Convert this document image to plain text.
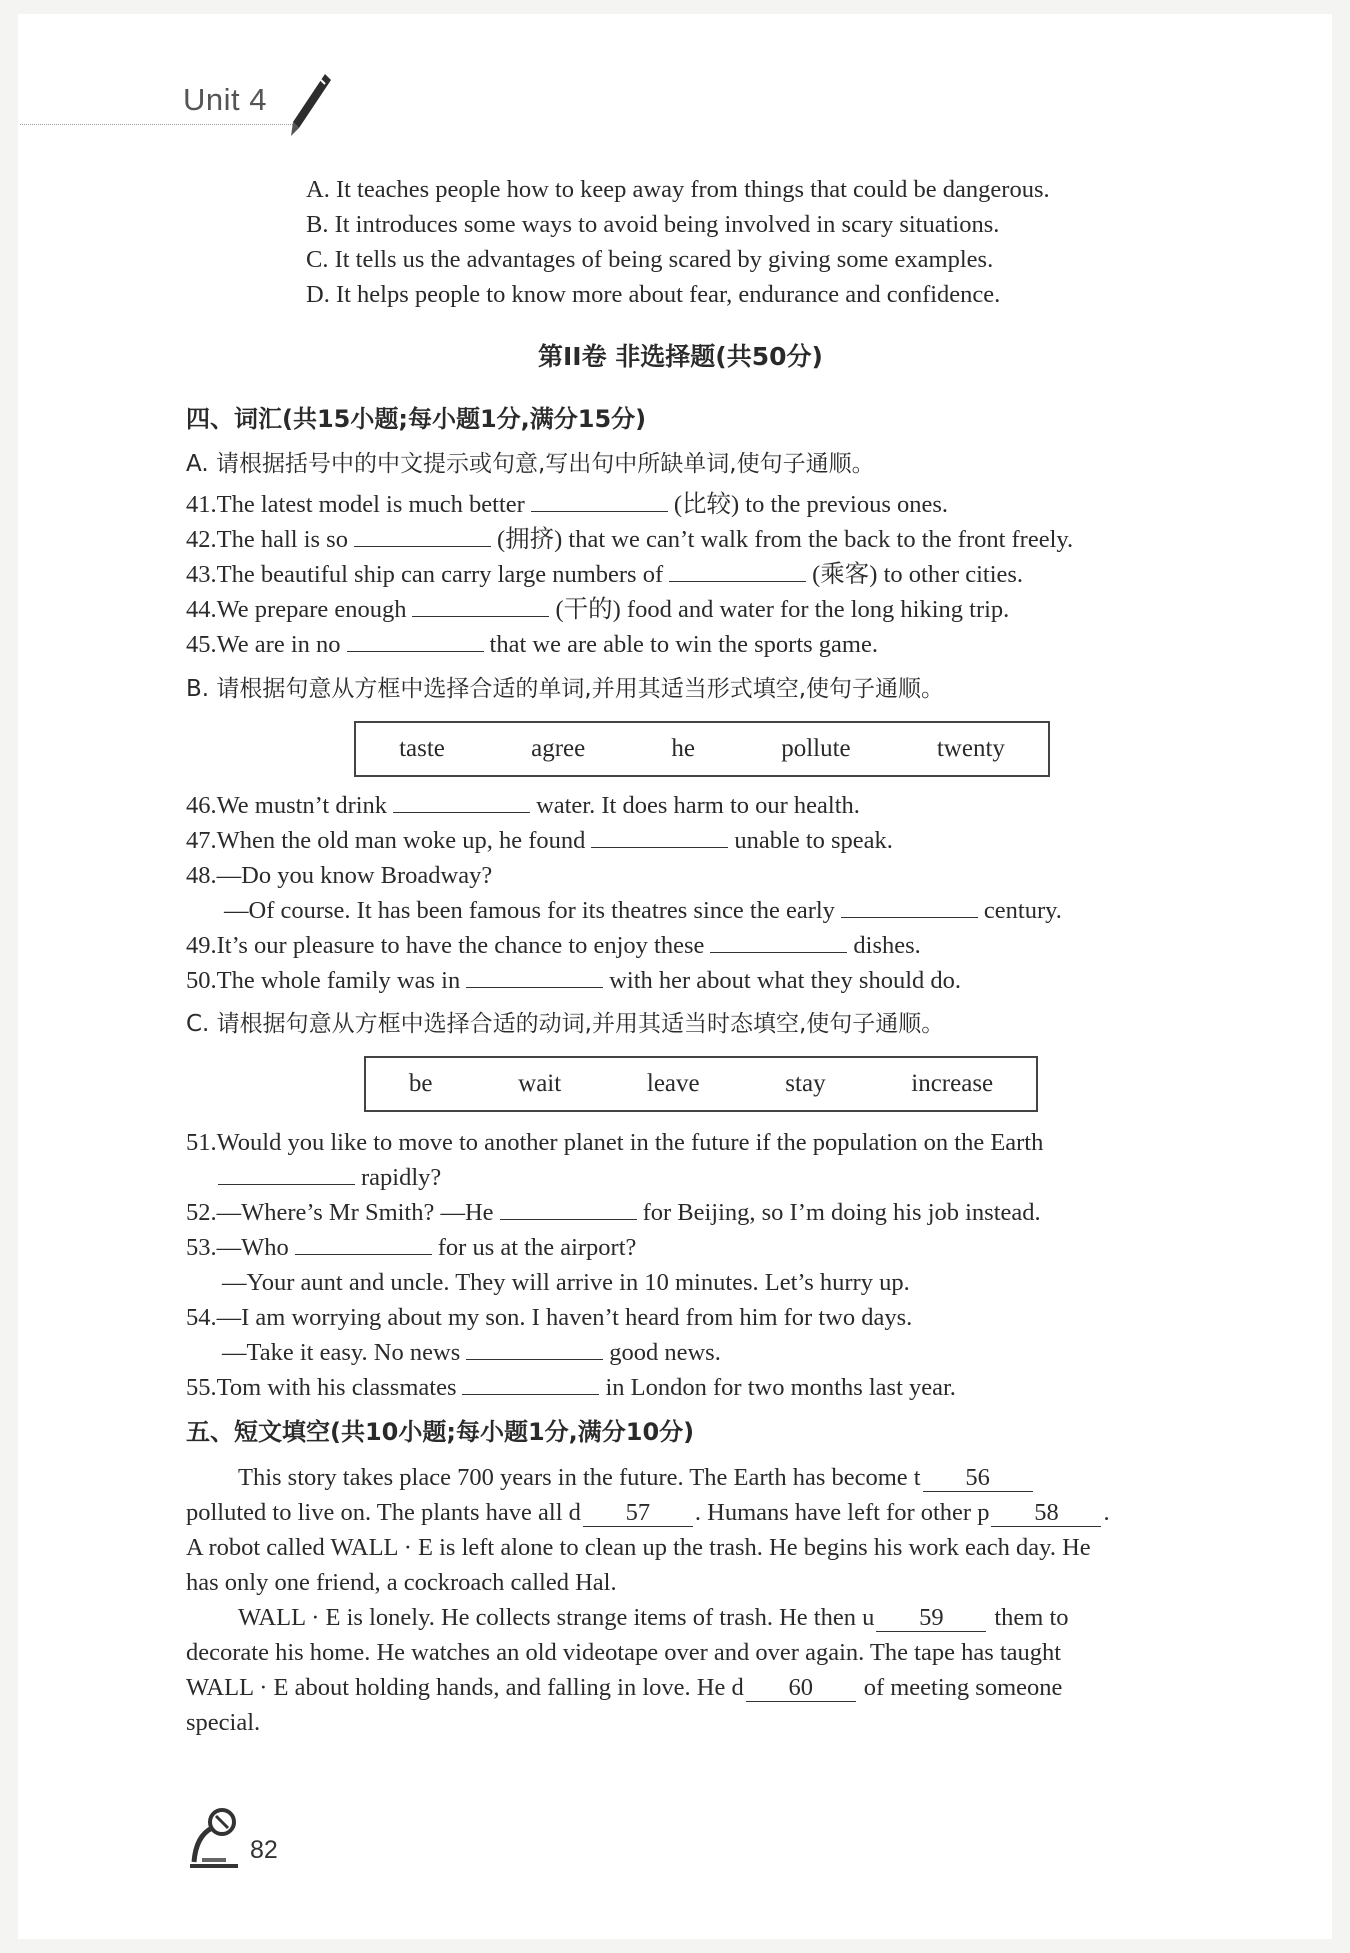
Unit 4
A. It teaches people how to keep away from things that could be dangerous.
B. It introduces some ways to avoid being involved in scary situations.
C. It tells us the advantages of being scared by giving some examples.
D. It helps people to know more about fear, endurance and confidence.
第II卷 非选择题(共50分)
四、词汇(共15小题;每小题1分,满分15分)
A. 请根据括号中的中文提示或句意,写出句中所缺单词,使句子通顺。
41.The latest model is much better	(比较) to the previous ones.
42.The hall is so	(拥挤) that we can’t walk from the back to the front freely.
43.The beautiful ship can carry large numbers of	(乘客) to other cities.
44.We prepare enough	(干的) food and water for the long hiking trip.
45.We are in no	that we are able to win the sports game.
B. 请根据句意从方框中选择合适的单词,并用其适当形式填空,使句子通顺。
taste	agree	he	pollute	twenty
46.We mustn’t drink	water. It does harm to our health.
47.When the old man woke up, he found	unable to speak.
48.—Do you know Broadway?
—Of course. It has been famous for its theatres since the early	century.
49.It’s our pleasure to have the chance to enjoy these	dishes.
50.The whole family was in	with her about what they should do.
C. 请根据句意从方框中选择合适的动词,并用其适当时态填空,使句子通顺。
be	wait	leave	stay	increase
51.Would you like to move to another planet in the future if the population on the Earth
rapidly?
52.—Where’s Mr Smith? —He	for Beijing, so I’m doing his job instead.
53.—Who	for us at the airport?
—Your aunt and uncle. They will arrive in 10 minutes. Let’s hurry up.
54.—I am worrying about my son. I haven’t heard from him for two days.
—Take it easy. No news	good news.
55.Tom with his classmates	in London for two months last year.
五、短文填空(共10小题;每小题1分,满分10分)
This story takes place 700 years in the future. The Earth has become t 56
polluted to live on. The plants have all d 57 . Humans have left for other p 58 .
A robot called WALL · E is left alone to clean up the trash. He begins his work each day. He
has only one friend, a cockroach called Hal.
WALL · E is lonely. He collects strange items of trash. He then u 59 them to
decorate his home. He watches an old videotape over and over again. The tape has taught
WALL · E about holding hands, and falling in love. He d 60 of meeting someone
special.
82
